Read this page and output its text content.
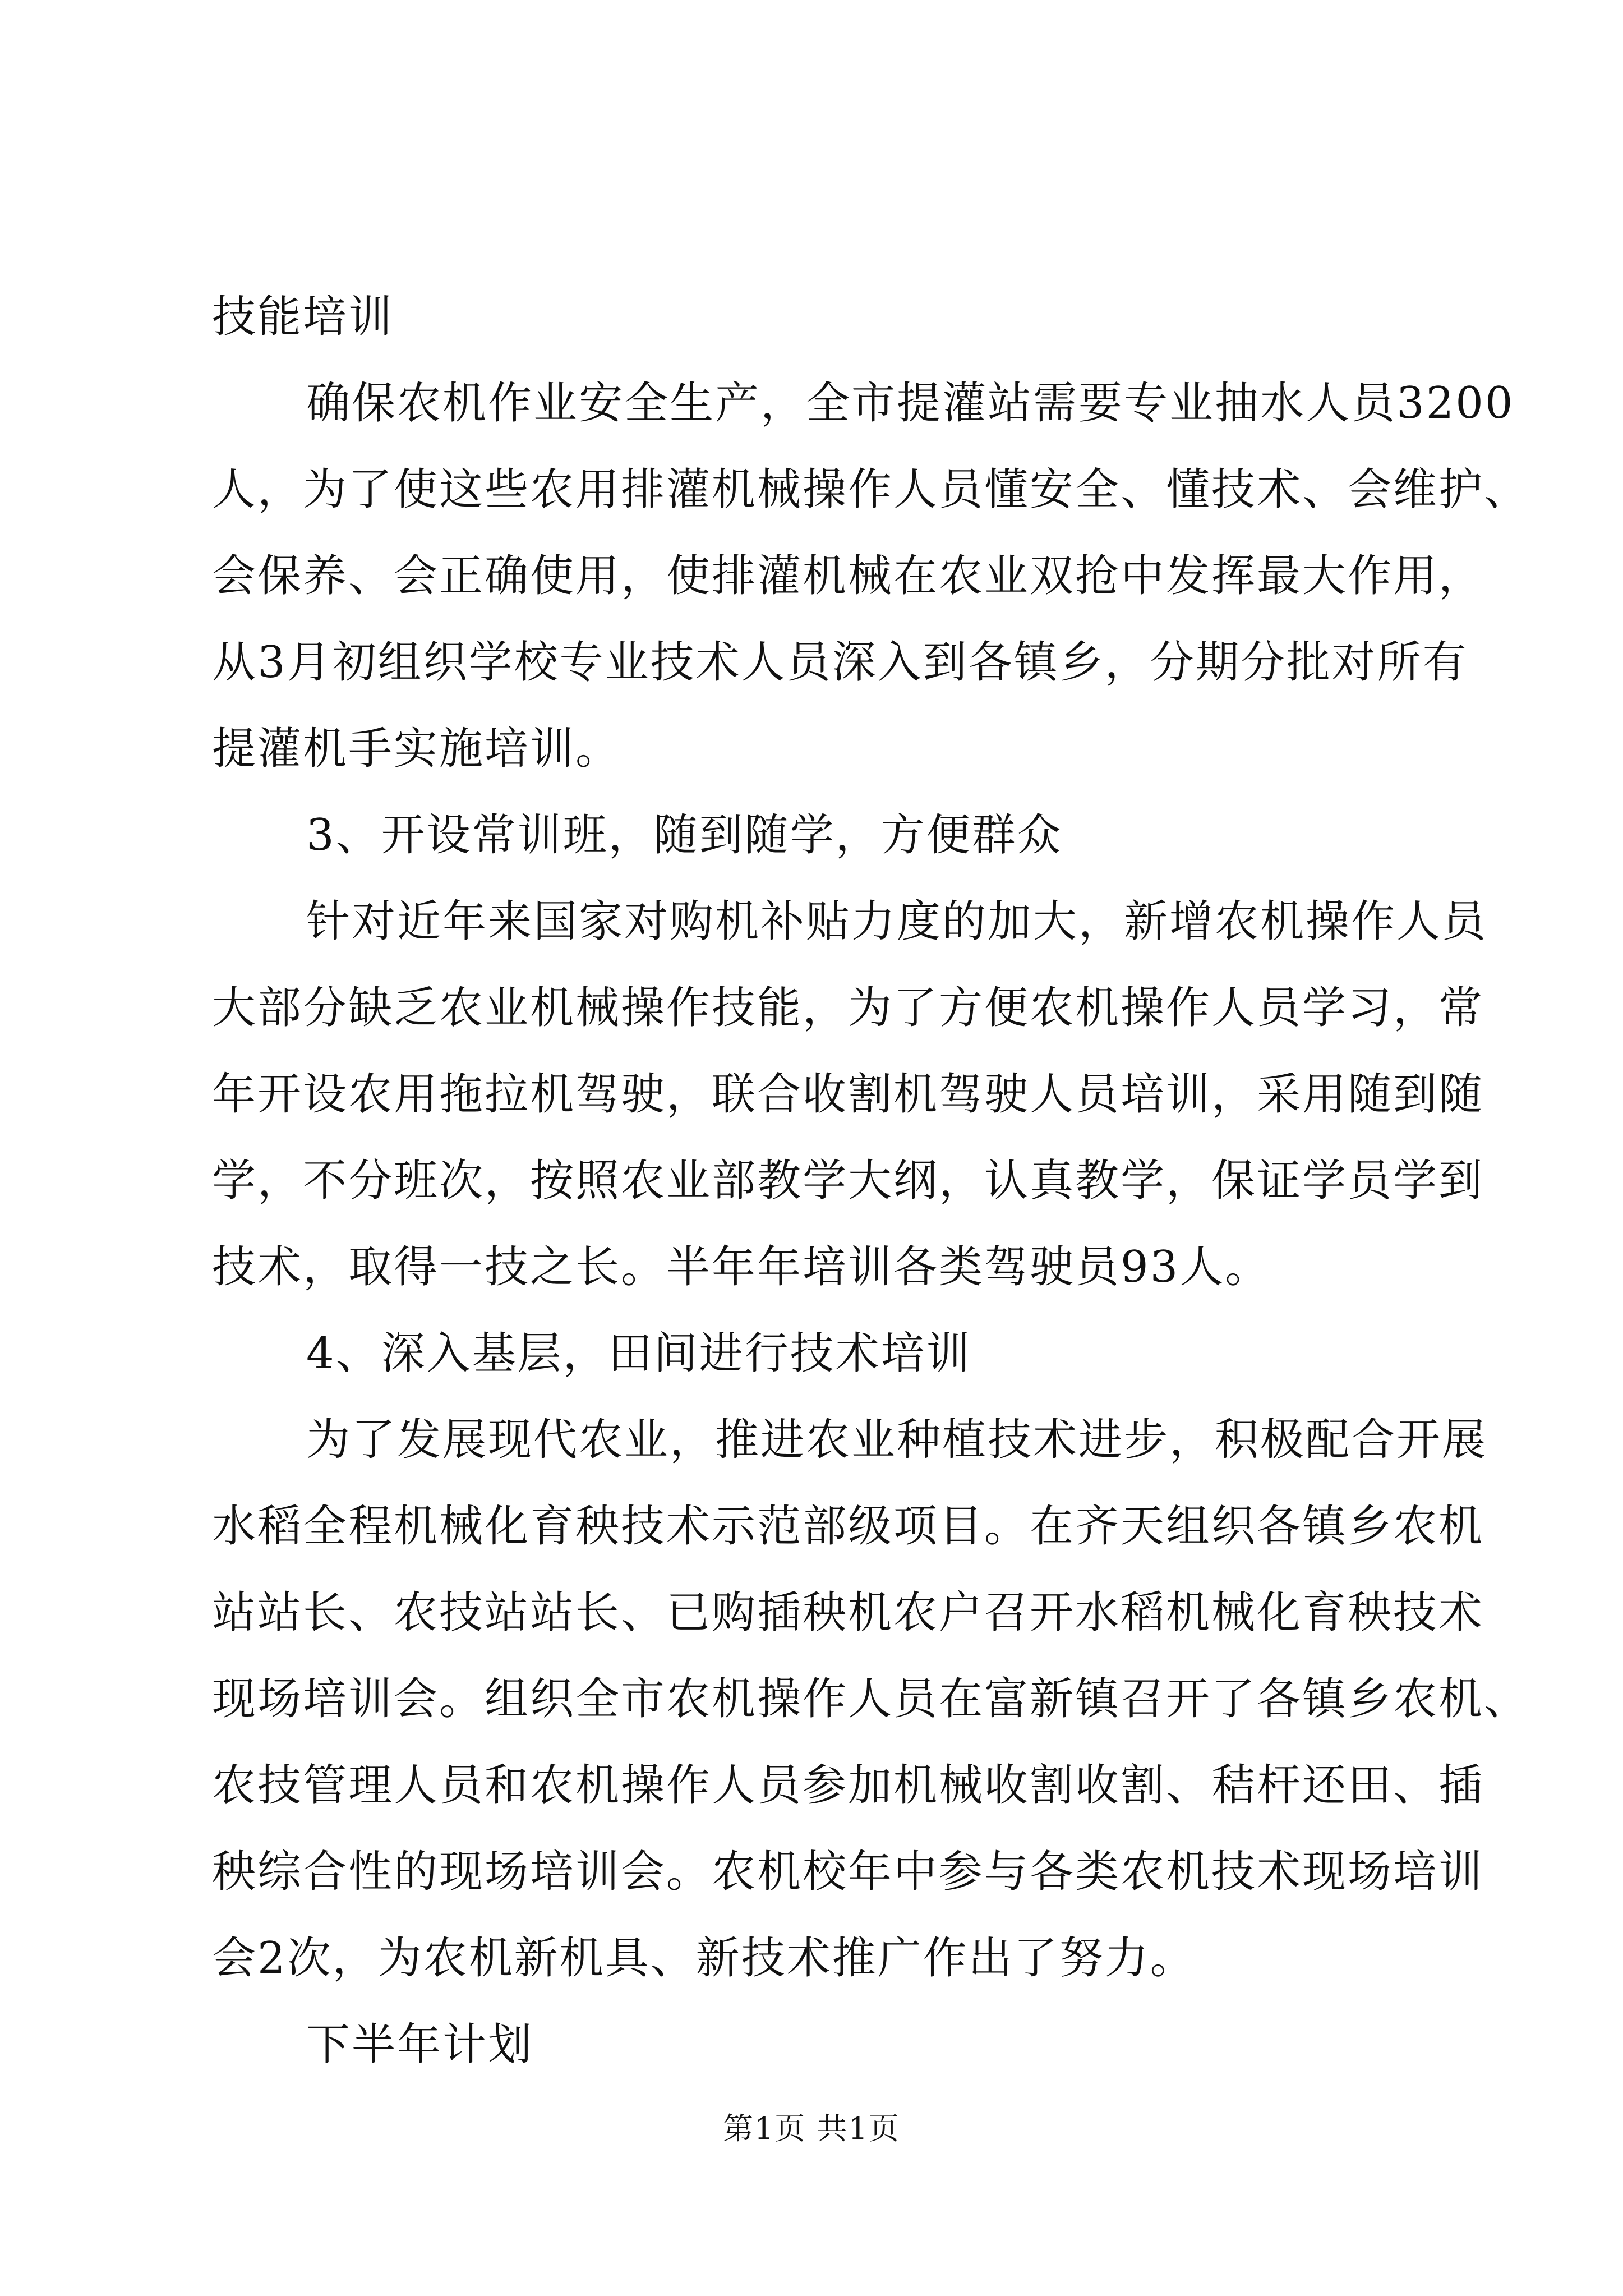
技能培训
确保农机作业安全生产，全市提灌站需要专业抽水人员3200
人，为了使这些农用排灌机械操作人员懂安全、懂技术、会维护、
会保养、会正确使用，使排灌机械在农业双抢中发挥最大作用，
从3月初组织学校专业技术人员深入到各镇乡，分期分批对所有
提灌机手实施培训。
3、开设常训班，随到随学，方便群众
针对近年来国家对购机补贴力度的加大，新增农机操作人员
大部分缺乏农业机械操作技能，为了方便农机操作人员学习，常
年开设农用拖拉机驾驶，联合收割机驾驶人员培训，采用随到随
学，不分班次，按照农业部教学大纲，认真教学，保证学员学到
技术，取得一技之长。半年年培训各类驾驶员93人。
4、深入基层，田间进行技术培训
为了发展现代农业，推进农业种植技术进步，积极配合开展
水稻全程机械化育秧技术示范部级项目。在齐天组织各镇乡农机
站站长、农技站站长、已购插秧机农户召开水稻机械化育秧技术
现场培训会。组织全市农机操作人员在富新镇召开了各镇乡农机、
农技管理人员和农机操作人员参加机械收割收割、秸杆还田、插
秧综合性的现场培训会。农机校年中参与各类农机技术现场培训
会2次，为农机新机具、新技术推广作出了努力。
下半年计划
第1页 共1页
